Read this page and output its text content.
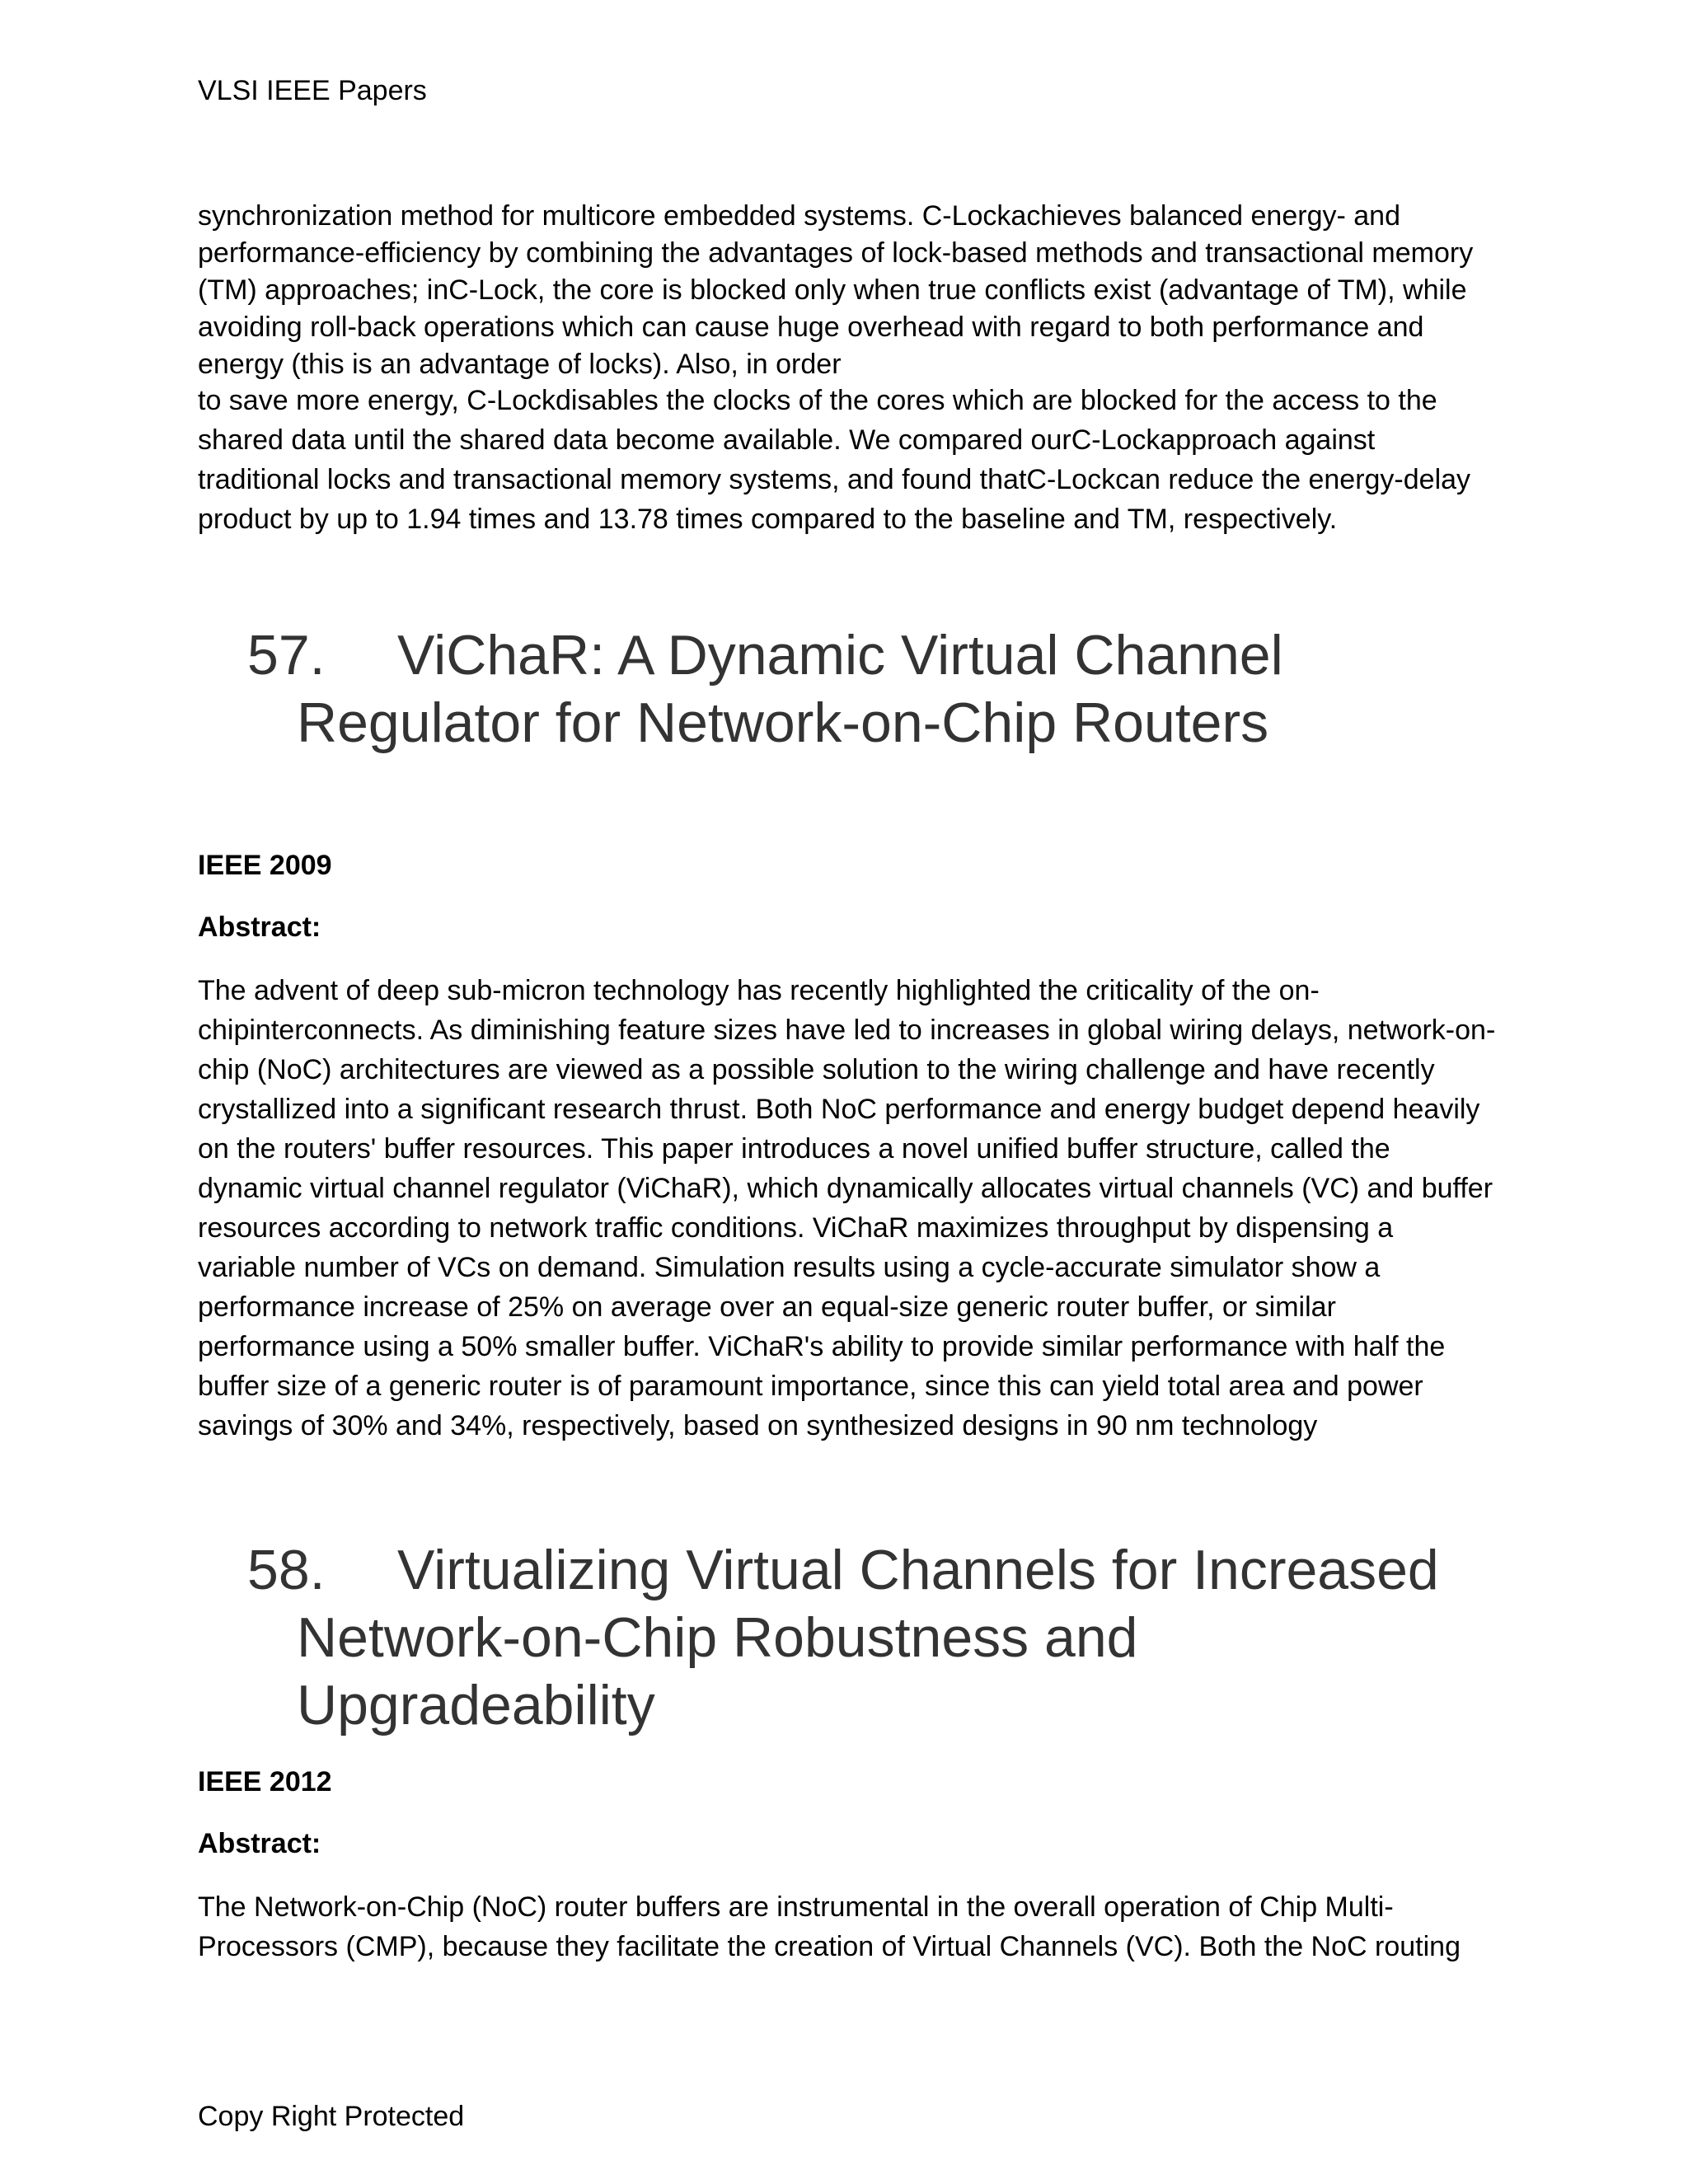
VLSI IEEE Papers
synchronization method for multicore embedded systems. C-Lockachieves balanced energy- and
performance-efficiency by combining the advantages of lock-based methods and transactional memory
(TM) approaches; inC-Lock, the core is blocked only when true conflicts exist (advantage of TM), while
avoiding roll-back operations which can cause huge overhead with regard to both performance and
energy (this is an advantage of locks). Also, in order
to save more energy, C-Lockdisables the clocks of the cores which are blocked for the access to the
shared data until the shared data become available. We compared ourC-Lockapproach against
traditional locks and transactional memory systems, and found thatC-Lockcan reduce the energy-delay
product by up to 1.94 times and 13.78 times compared to the baseline and TM, respectively.
57. ViChaR: A Dynamic Virtual Channel
Regulator for Network-on-Chip Routers
IEEE 2009
Abstract:
The advent of deep sub-micron technology has recently highlighted the criticality of the on-
chipinterconnects. As diminishing feature sizes have led to increases in global wiring delays, network-on-
chip (NoC) architectures are viewed as a possible solution to the wiring challenge and have recently
crystallized into a significant research thrust. Both NoC performance and energy budget depend heavily
on the routers' buffer resources. This paper introduces a novel unified buffer structure, called the
dynamic virtual channel regulator (ViChaR), which dynamically allocates virtual channels (VC) and buffer
resources according to network traffic conditions. ViChaR maximizes throughput by dispensing a
variable number of VCs on demand. Simulation results using a cycle-accurate simulator show a
performance increase of 25% on average over an equal-size generic router buffer, or similar
performance using a 50% smaller buffer. ViChaR's ability to provide similar performance with half the
buffer size of a generic router is of paramount importance, since this can yield total area and power
savings of 30% and 34%, respectively, based on synthesized designs in 90 nm technology
58. Virtualizing Virtual Channels for Increased
Network-on-Chip Robustness and
Upgradeability
IEEE 2012
Abstract:
The Network-on-Chip (NoC) router buffers are instrumental in the overall operation of Chip Multi-
Processors (CMP), because they facilitate the creation of Virtual Channels (VC). Both the NoC routing
Copy Right Protected
